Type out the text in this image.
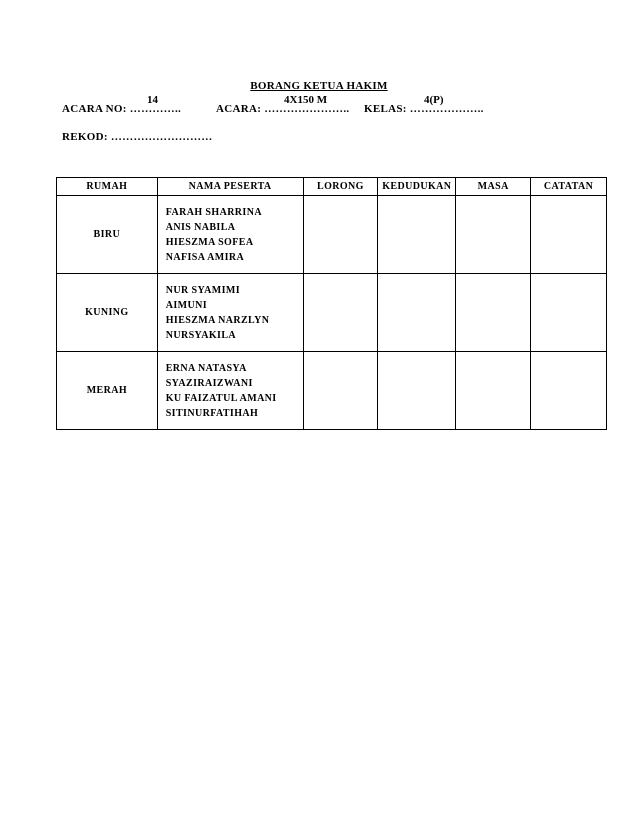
BORANG KETUA HAKIM
ACARA NO: …………..
14
ACARA: …………………..
4X150 M
KELAS: ………………..
4(P)
REKOD: ………………………
RUMAH	NAMA PESERTA	LORONG	KEDUDUKAN	MASA	CATATAN
BIRU	FARAH SHARRINA
ANIS NABILA
HIESZMA SOFEA
NAFISA AMIRA				

KUNING	NUR SYAMIMI
AIMUNI
HIESZMA NARZLYN
NURSYAKILA				

MERAH	ERNA NATASYA
SYAZIRAIZWANI
KU FAIZATUL AMANI
SITINURFATIHAH				
